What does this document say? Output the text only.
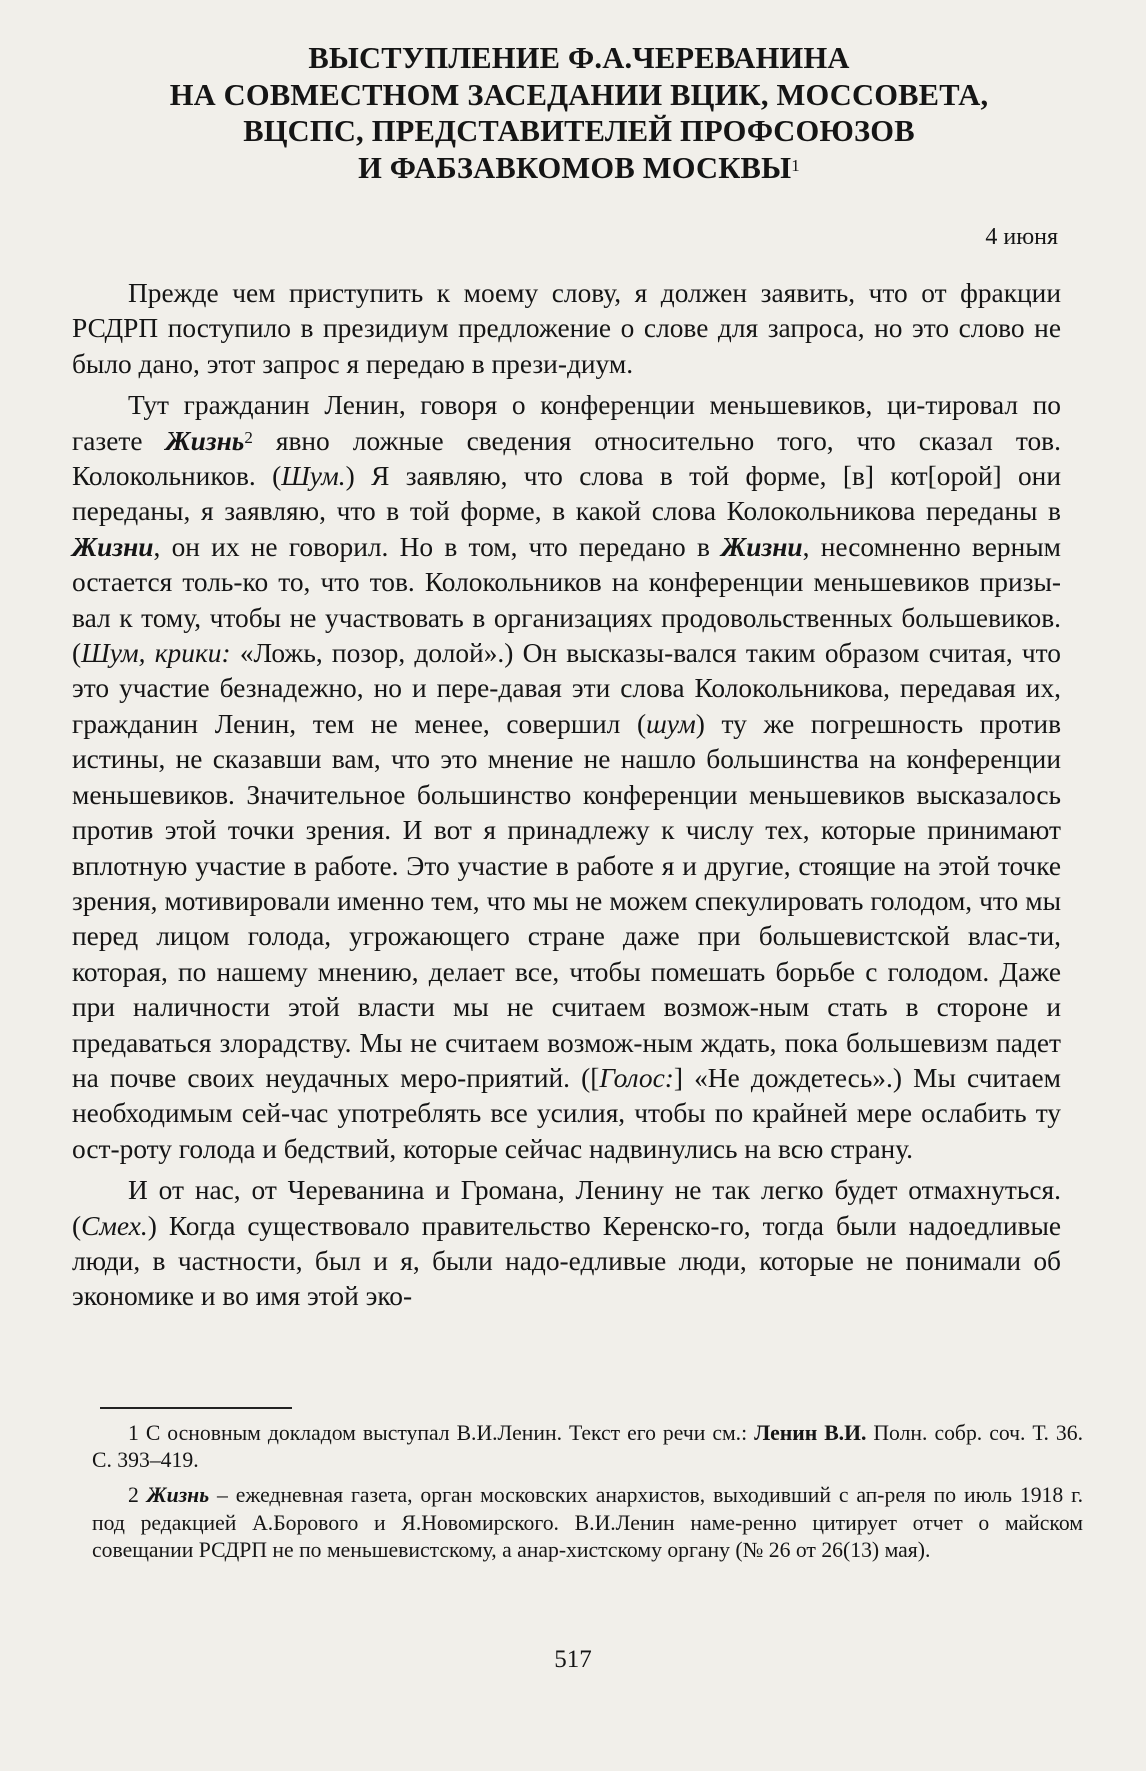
ВЫСТУПЛЕНИЕ Ф.А.ЧЕРЕВАНИНА
НА СОВМЕСТНОМ ЗАСЕДАНИИ ВЦИК, МОССОВЕТА,
ВЦСПС, ПРЕДСТАВИТЕЛЕЙ ПРОФСОЮЗОВ
И ФАБЗАВКОМОВ МОСКВЫ$^1$
4 июня

Прежде чем приступить к моему слову, я должен заявить, что от фракции РСДРП поступило в президиум предложение о слове для запроса, но это слово не было дано, этот запрос я передаю в прези-диум.

Тут гражданин Ленин, говоря о конференции меньшевиков, ци-тировал по газете Жизнь$^2$ явно ложные сведения относительно того, что сказал тов. Колокольников. (Шум.) Я заявляю, что слова в той форме, [в] кот[орой] они переданы, я заявляю, что в той форме, в какой слова Колокольникова переданы в Жизни, он их не говорил. Но в том, что передано в Жизни, несомненно верным остается толь-ко то, что тов. Колокольников на конференции меньшевиков призы-вал к тому, чтобы не участвовать в организациях продовольственных большевиков. (Шум, крики: «Ложь, позор, долой».) Он высказы-вался таким образом считая, что это участие безнадежно, но и пере-давая эти слова Колокольникова, передавая их, гражданин Ленин, тем не менее, совершил (шум) ту же погрешность против истины, не сказавши вам, что это мнение не нашло большинства на конференции меньшевиков. Значительное большинство конференции меньшевиков высказалось против этой точки зрения. И вот я принадлежу к числу тех, которые принимают вплотную участие в работе. Это участие в работе я и другие, стоящие на этой точке зрения, мотивировали именно тем, что мы не можем спекулировать голодом, что мы перед лицом голода, угрожающего стране даже при большевистской влас-ти, которая, по нашему мнению, делает все, чтобы помешать борьбе с голодом. Даже при наличности этой власти мы не считаем возмож-ным стать в стороне и предаваться злорадству. Мы не считаем возмож-ным ждать, пока большевизм падет на почве своих неудачных меро-приятий. ([Голос:] «Не дождетесь».) Мы считаем необходимым сей-час употреблять все усилия, чтобы по крайней мере ослабить ту ост-роту голода и бедствий, которые сейчас надвинулись на всю страну.

И от нас, от Череванина и Громана, Ленину не так легко будет отмахнуться. (Смех.) Когда существовало правительство Керенско-го, тогда были надоедливые люди, в частности, был и я, были надо-едливые люди, которые не понимали об экономике и во имя этой эко-

1 С основным докладом выступал В.И.Ленин. Текст его речи см.: Ленин В.И. Полн. собр. соч. Т. 36. С. 393–419.

2 Жизнь – ежедневная газета, орган московских анархистов, выходивший с ап-реля по июль 1918 г. под редакцией А.Борового и Я.Новомирского. В.И.Ленин наме-ренно цитирует отчет о майском совещании РСДРП не по меньшевистскому, а анар-хистскому органу (№ 26 от 26(13) мая).

517
